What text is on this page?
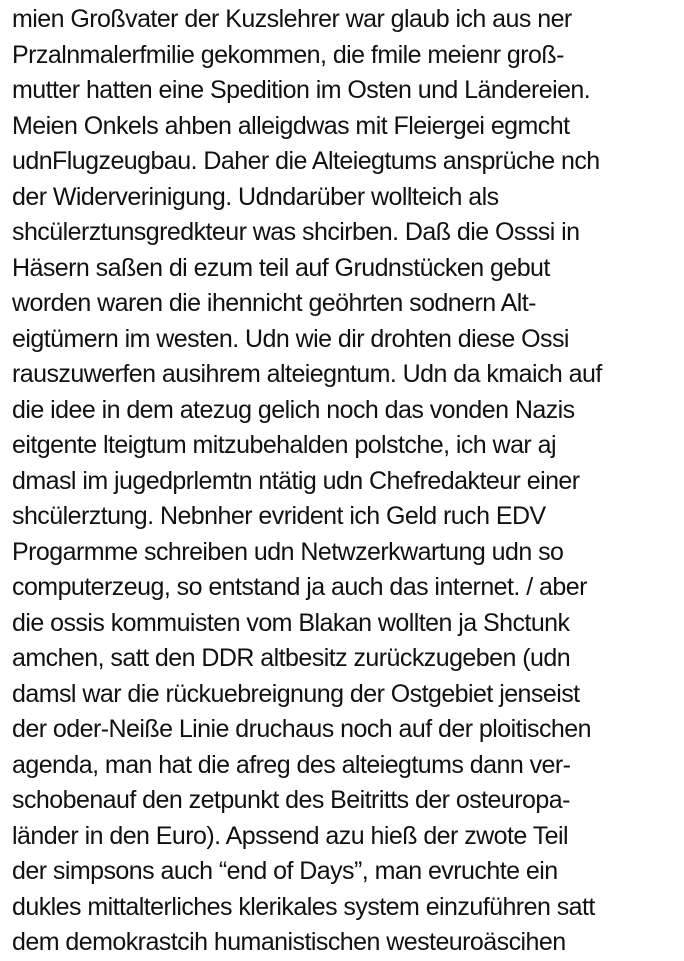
mien Großvater der Kuzslehrer war glaub ich aus ner
Przalnmalerfmilie gekommen, die fmile meienr groß-
mutter hatten eine Spedition im Osten und Ländereien.
Meien Onkels ahben alleigdwas mit Fleiergei egmcht
udnFlugzeugbau. Daher die Alteiegtums ansprüche nch
der Widerverinigung. Udndarüber wollteich als
shcülerztunsgredkteur was shcirben. Daß die Osssi in
Häsern saßen di ezum teil auf Grudnstücken gebut
worden waren die ihennicht geöhrten sodnern Alt-
eigtümern im westen. Udn wie dir drohten diese Ossi
rauszuwerfen ausihrem alteiegntum. Udn da kmaich auf
die idee in dem atezug gelich noch das vonden Nazis
eitgente lteigtum mitzubehalden polstche, ich war aj
dmasl im jugedprlemtn ntätig udn Chefredakteur einer
shcülerztung. Nebnher evrident ich Geld ruch EDV
Progarmme schreiben udn Netwzerkwartung udn so
computerzeug, so entstand ja auch das internet. / aber
die ossis kommuisten vom Blakan wollten ja Shctunk
amchen, satt den DDR altbesitz zurückzugeben (udn
damsl war die rückuebreignung der Ostgebiet jenseist
der oder-Neiße Linie druchaus noch auf der ploitischen
agenda, man hat die afreg des alteiegtums dann ver-
schobenauf den zetpunkt des Beitritts der osteuropa-
länder in den Euro). Apssend azu hieß der zwote Teil
der simpsons auch “end of Days”, man evruchte ein
dukles mittalterliches klerikales system einzuführen satt
dem demokrastcih humanistischen westeuroäscihen
